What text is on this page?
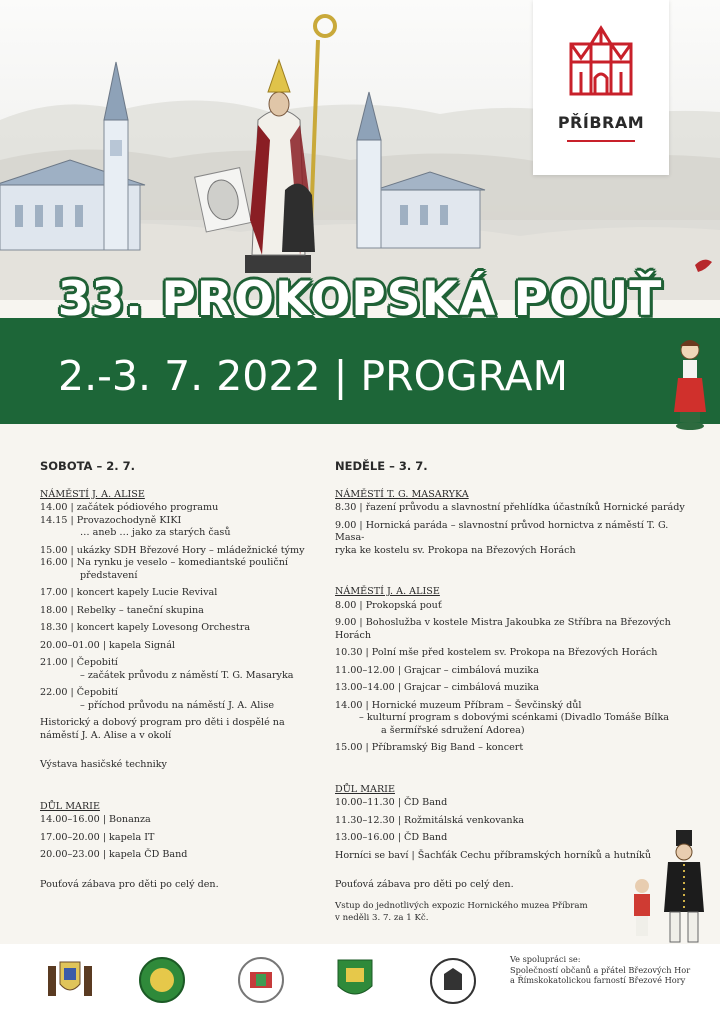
PŘÍBRAM
33. PROKOPSKÁ POUŤ
2.-3. 7. 2022 | PROGRAM
SOBOTA – 2. 7.
NÁMĚSTÍ J. A. ALISE
14.00 | začátek pódiového programu
14.15 | Provazochodyně KIKI
… aneb … jako za starých časů
15.00 | ukázky SDH Březové Hory – mládežnické týmy
16.00 | Na rynku je veselo – komediantské pouliční
představení
17.00 | koncert kapely Lucie Revival
18.00 | Rebelky – taneční skupina
18.30 | koncert kapely Lovesong Orchestra
20.00–01.00 | kapela Signál
21.00 | Čepobití
– začátek průvodu z náměstí T. G. Masaryka
22.00 | Čepobití
– příchod průvodu na náměstí J. A. Alise
Historický a dobový program pro děti i dospělé na
náměstí J. A. Alise a v okolí
Výstava hasičské techniky
DŮL MARIE
14.00–16.00 | Bonanza
17.00–20.00 | kapela IT
20.00–23.00 | kapela ČD Band
Pouťová zábava pro děti po celý den.
NEDĚLE – 3. 7.
NÁMĚSTÍ T. G. MASARYKA
8.30 | řazení průvodu a slavnostní přehlídka účastníků Hornické parády
9.00 | Hornická paráda – slavnostní průvod hornictva z náměstí T. G. Masa-
ryka ke kostelu sv. Prokopa na Březových Horách
NÁMĚSTÍ J. A. ALISE
8.00 | Prokopská pouť
9.00 | Bohoslužba v kostele Mistra Jakoubka ze Stříbra na Březových Horách
10.30 | Polní mše před kostelem sv. Prokopa na Březových Horách
11.00–12.00 | Grajcar – cimbálová muzika
13.00–14.00 | Grajcar – cimbálová muzika
14.00 | Hornické muzeum Příbram – Ševčinský důl
– kulturní program s dobovými scénkami (Divadlo Tomáše Bílka
a šermířské sdružení Adorea)
15.00 | Příbramský Big Band – koncert
DŮL MARIE
10.00–11.30 | ČD Band
11.30–12.30 | Rožmitálská venkovanka
13.00–16.00 | ČD Band
Horníci se baví | Šachťák Cechu příbramských horníků a hutníků
Pouťová zábava pro děti po celý den.
Vstup do jednotlivých expozic Hornického muzea Příbram
v neděli 3. 7. za 1 Kč.
Ve spolupráci se:
Společností občanů a přátel Březových Hor
a Římskokatolickou farností Březové Hory
